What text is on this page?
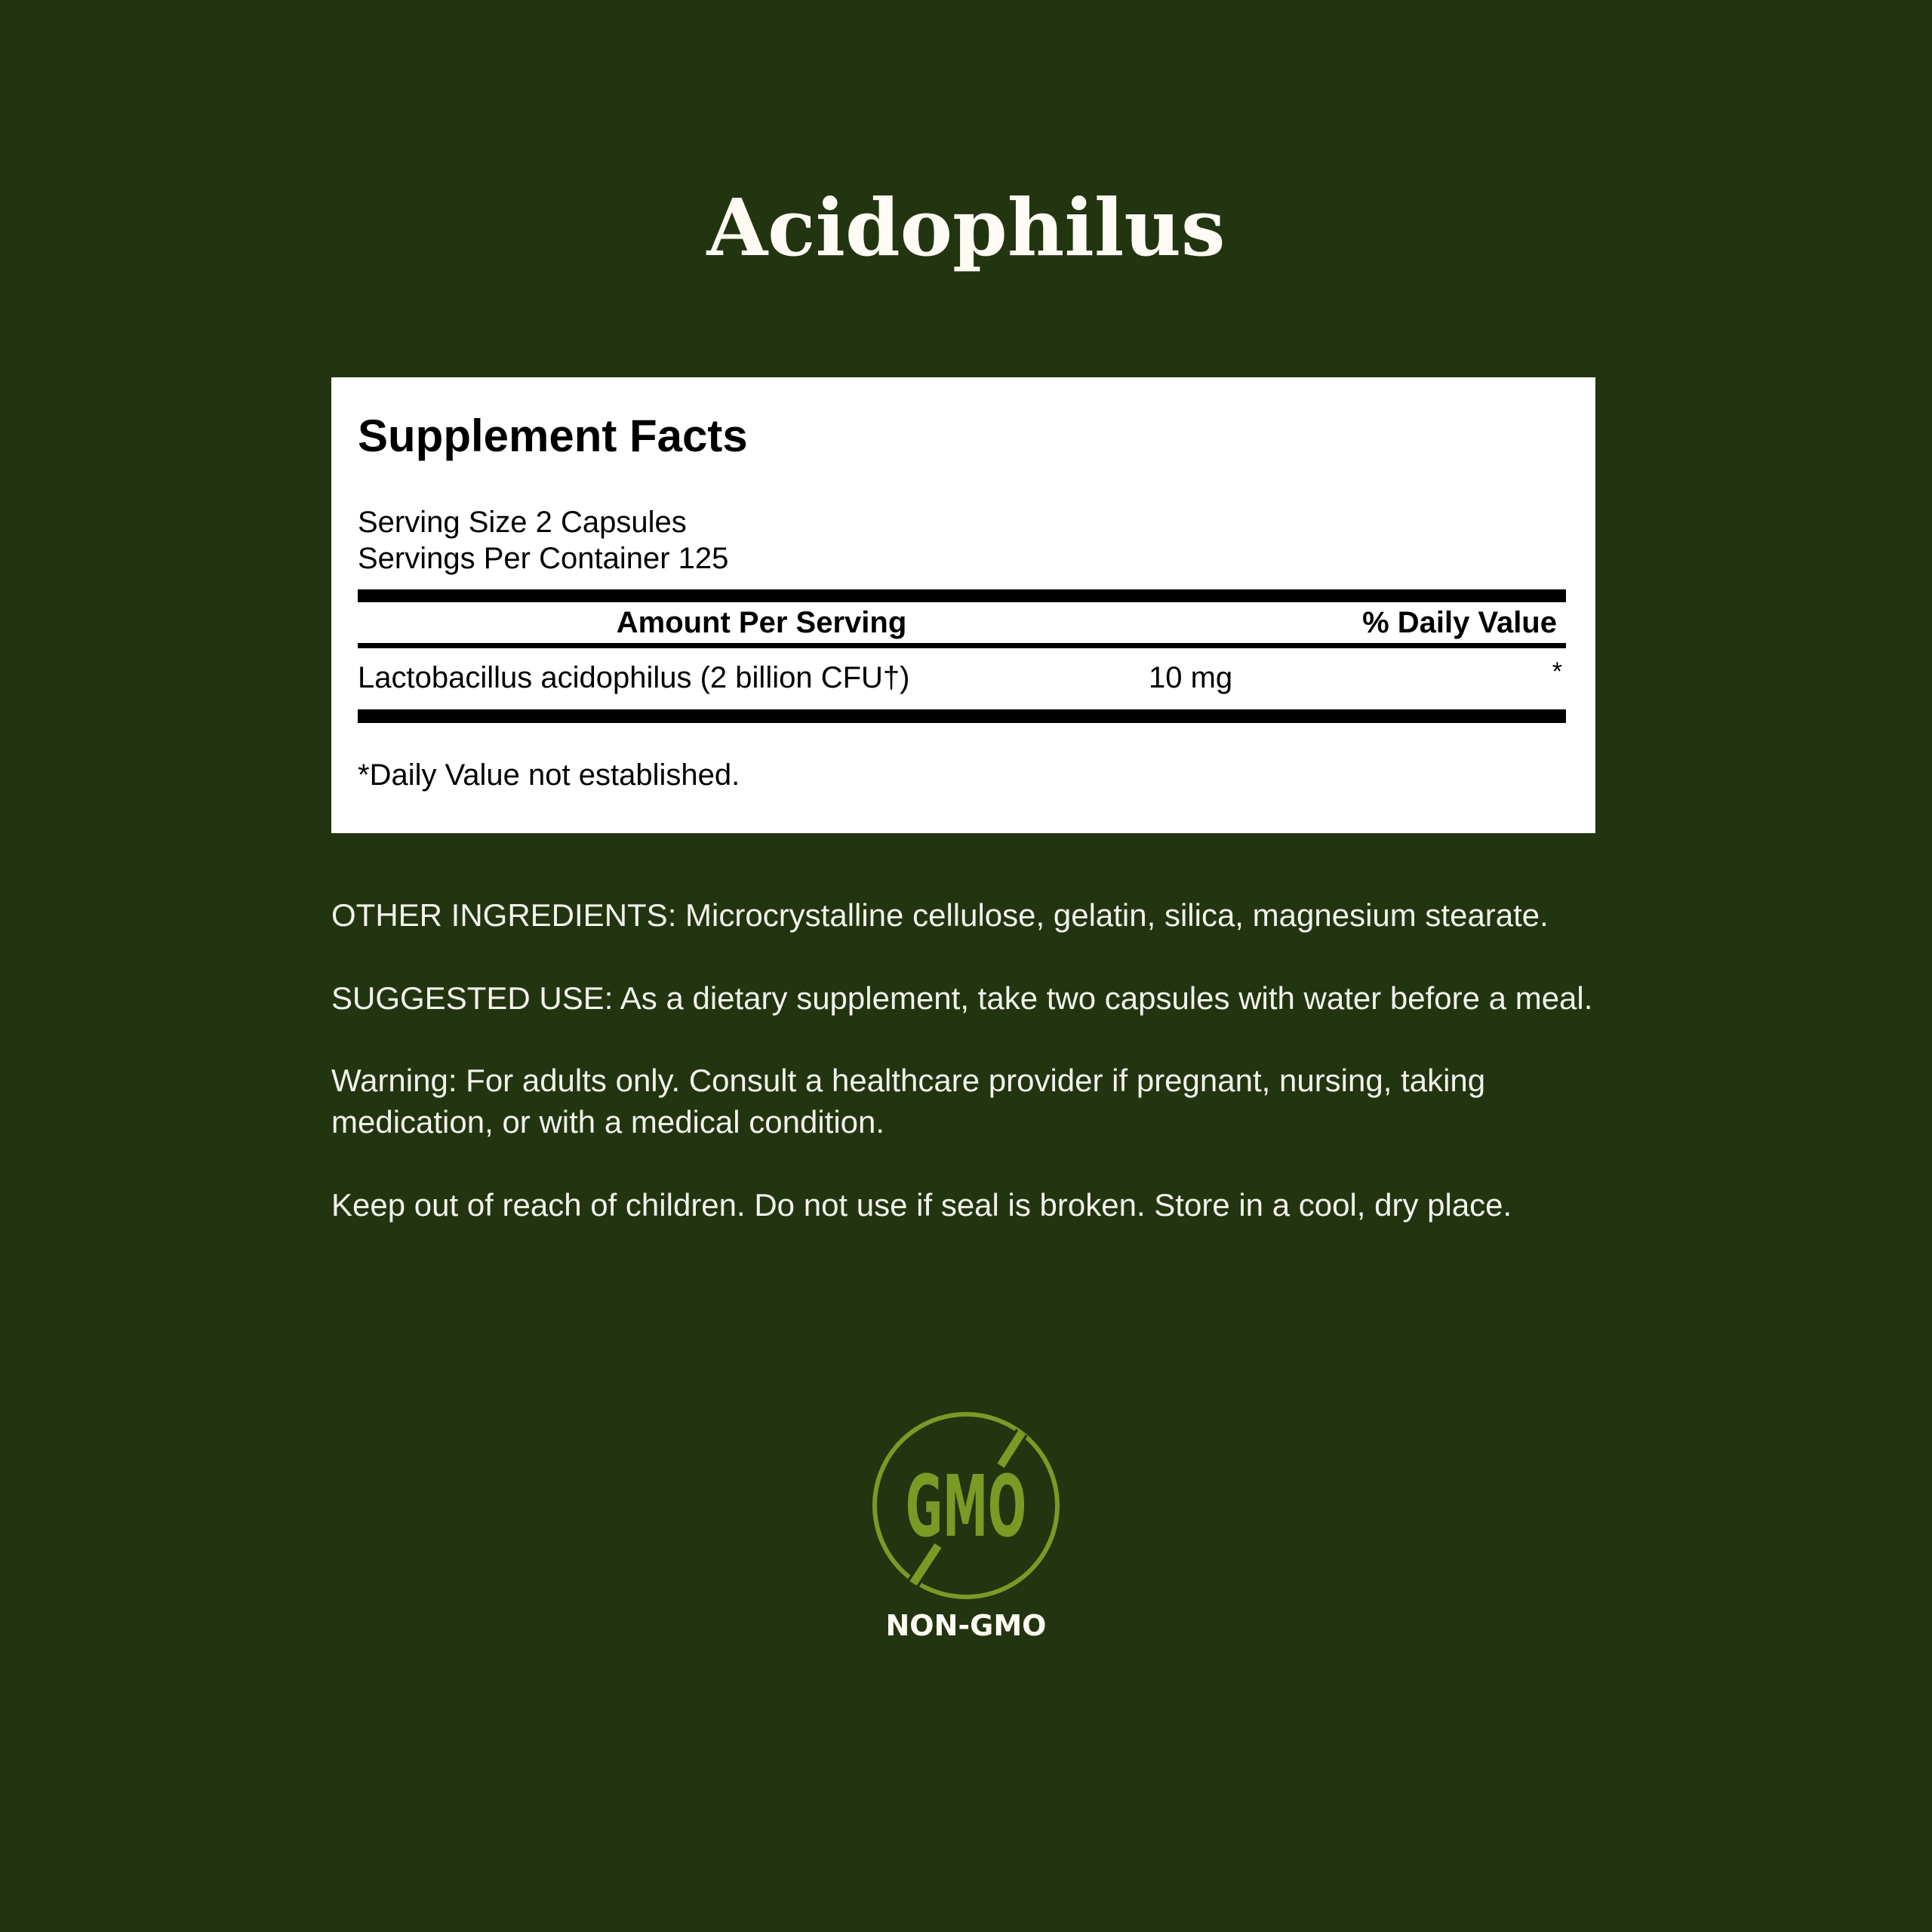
Acidophilus
Supplement Facts
Serving Size 2 Capsules
Servings Per Container 125
Amount Per Serving	% Daily Value
Lactobacillus acidophilus (2 billion CFU†)	10 mg	*
*Daily Value not established.
OTHER INGREDIENTS: Microcrystalline cellulose, gelatin, silica, magnesium stearate.
SUGGESTED USE: As a dietary supplement, take two capsules with water before a meal.
Warning: For adults only. Consult a healthcare provider if pregnant, nursing, taking medication, or with a medical condition.
Keep out of reach of children. Do not use if seal is broken. Store in a cool, dry place.
GMO
NON-GMO
